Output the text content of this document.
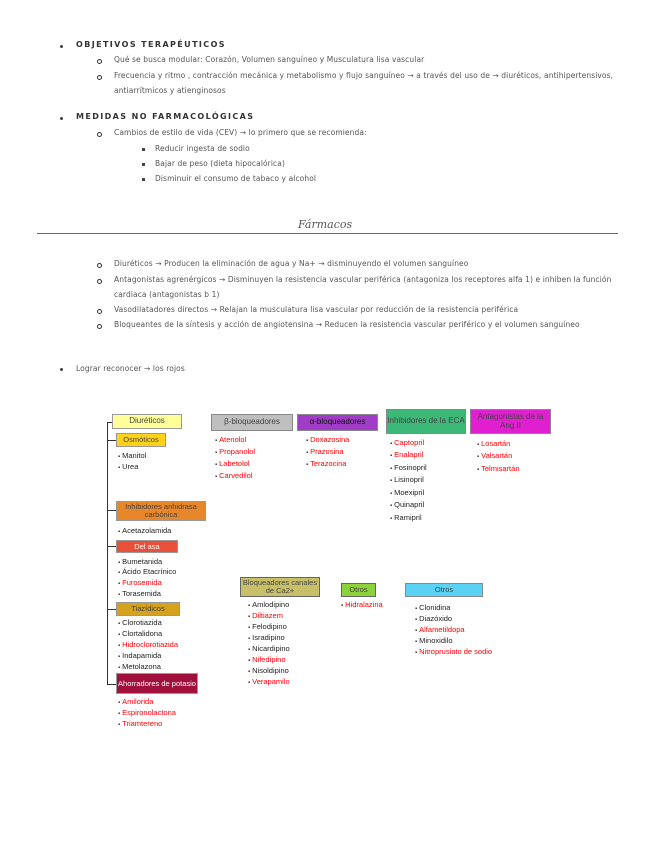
OBJETIVOS TERAPÉUTICOS
Qué se busca modular: Corazón, Volumen sanguíneo y Musculatura lisa vascular
Frecuencia y ritmo , contracción mecánica y metabolismo y flujo sanguíneo → a través del uso de → diuréticos, antihipertensivos,
antiarrítmicos y atienginosos
MEDIDAS NO FARMACOLÓGICAS
Cambios de estilo de vida (CEV) → lo primero que se recomienda:
Reducir ingesta de sodio
Bajar de peso (dieta hipocalórica)
Disminuir el consumo de tabaco y alcohol
Fármacos
Diuréticos → Producen la eliminación de agua y Na+ → disminuyendo el volumen sanguíneo
Antagonistas agrenérgicos → Disminuyen la resistencia vascular periférica (antagoniza los receptores alfa 1) e inhiben la función
cardiaca (antagonistas b 1)
Vasodilatadores directos → Relajan la musculatura lisa vascular por reducción de la resistencia periférica
Bloqueantes de la síntesis y acción de angiotensina → Reducen la resistencia vascular periférico y el volumen sanguíneo
Lograr reconocer → los rojos
Diuréticos
Osmóticos
▪ Manitol
▪ Urea
Inhibidores anhidrasa carbónica
▪ Acetazolamida
Del asa
▪ Bumetanida
▪ Ácido Etacrínico
▪ Furosemida
▪ Torasemida
Tiazídicos
▪ Clorotiazida
▪ Clortalidona
▪ Hidroclorotiazida
▪ Indapamida
▪ Metolazona
Ahorradores de potasio
▪ Amilorida
▪ Espironolactona
▪ Triamtereno
β-bloqueadores
▪ Atenolol
▪ Propanolol
▪ Labetolol
▪ Carvedilol
α-bloqueadores
▪ Doxazosina
▪ Prazosina
▪ Terazocina
Inhibidores de la ECA
▪ Captopril
▪ Enalapril
▪ Fosinopril
▪ Lisinopril
▪ Moexipril
▪ Quinapril
▪ Ramipril
Antagonistas de la Ang II
▪ Losartán
▪ Valsartán
▪ Telmisartán
Bloqueadores canales de Ca2+
▪ Amlodipino
▪ Diltiazem
▪ Felodipino
▪ Isradipino
▪ Nicardipino
▪ Nifedipino
▪ Nisoldipino
▪ Verapamilo
Otros
▪ Hidralazina
Otros
▪ Clonidina
▪ Diazóxido
▪ Alfametildopa
▪ Minoxidilo
▪ Nitroprusiato de sodio
